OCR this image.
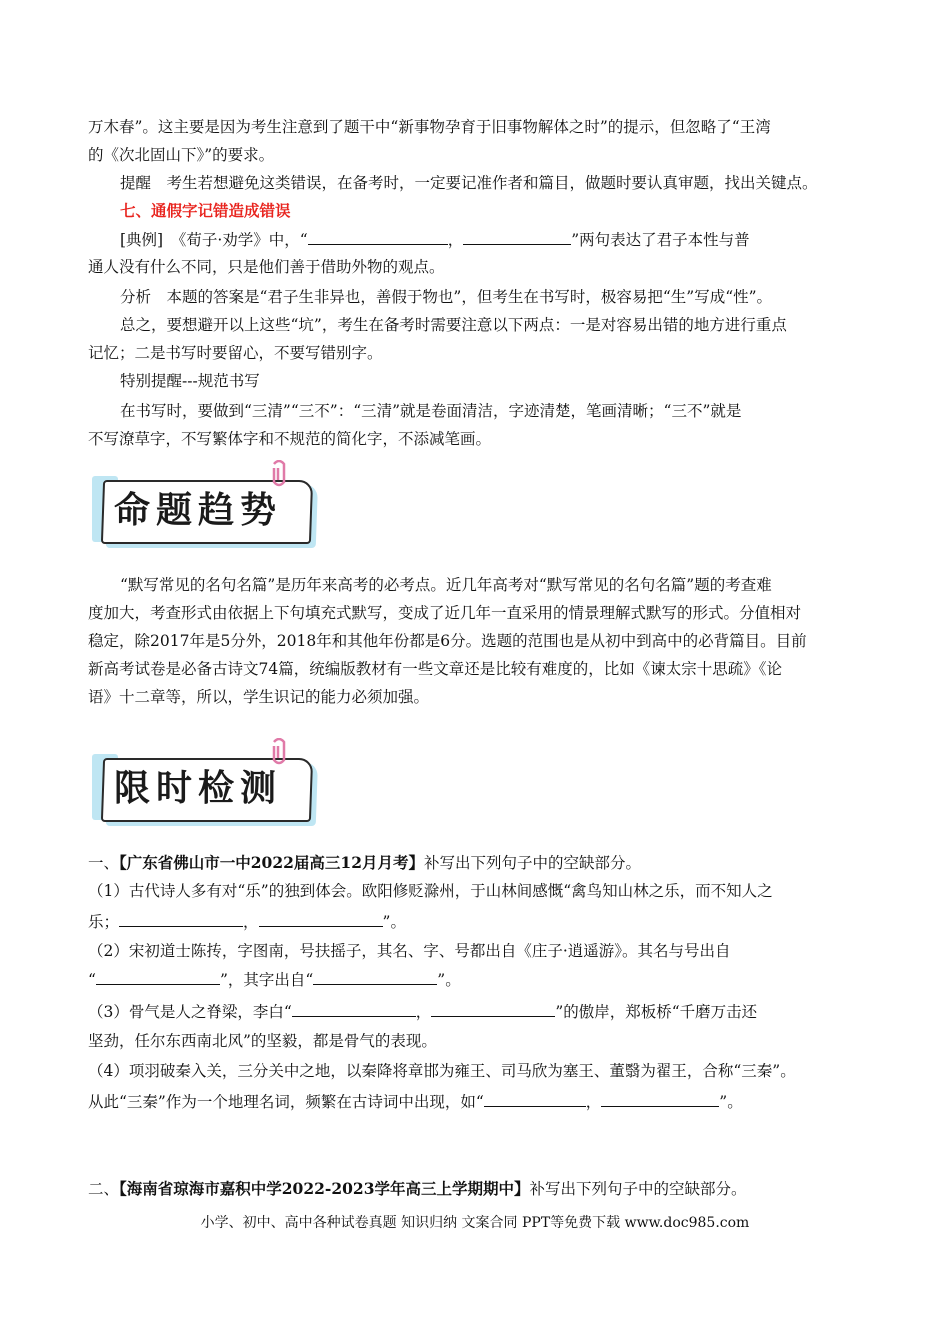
万木春”。这主要是因为考生注意到了题干中“新事物孕育于旧事物解体之时”的提示，但忽略了“王湾
的《次北固山下》”的要求。
提醒　考生若想避免这类错误，在备考时，一定要记准作者和篇目，做题时要认真审题，找出关键点。
七、通假字记错造成错误
[典例]　《荀子·劝学》中，“	，	”两句表达了君子本性与普
通人没有什么不同，只是他们善于借助外物的观点。
分析　本题的答案是“君子生非异也，善假于物也”，但考生在书写时，极容易把“生”写成“性”。
总之，要想避开以上这些“坑”，考生在备考时需要注意以下两点：一是对容易出错的地方进行重点
记忆；二是书写时要留心，不要写错别字。
特别提醒---规范书写
在书写时，要做到“三清”“三不”：“三清”就是卷面清洁，字迹清楚，笔画清晰；“三不”就是
不写潦草字，不写繁体字和不规范的简化字，不添减笔画。
命题趋势
“默写常见的名句名篇”是历年来高考的必考点。近几年高考对“默写常见的名句名篇”题的考查难
度加大，考查形式由依据上下句填充式默写，变成了近几年一直采用的情景理解式默写的形式。分值相对
稳定，除2017年是5分外，2018年和其他年份都是6分。选题的范围也是从初中到高中的必背篇目。目前
新高考试卷是必备古诗文74篇，统编版教材有一些文章还是比较有难度的，比如《谏太宗十思疏》《论
语》十二章等，所以，学生识记的能力必须加强。
限时检测
一、【广东省佛山市一中2022届高三12月月考】补写出下列句子中的空缺部分。
（1）古代诗人多有对“乐”的独到体会。欧阳修贬滁州，于山林间感慨“禽鸟知山林之乐，而不知人之
乐；	，	”。
（2）宋初道士陈抟，字图南，号扶摇子，其名、字、号都出自《庄子·逍遥游》。其名与号出自
“	”，其字出自“	”。
（3）骨气是人之脊梁，李白“	，	”的傲岸，郑板桥“千磨万击还
坚劲，任尔东西南北风”的坚毅，都是骨气的表现。
（4）项羽破秦入关，三分关中之地，以秦降将章邯为雍王、司马欣为塞王、董翳为翟王，合称“三秦”。
从此“三秦”作为一个地理名词，频繁在古诗词中出现，如“	，	”。
二、【海南省琼海市嘉积中学2022-2023学年高三上学期期中】补写出下列句子中的空缺部分。
小学、初中、高中各种试卷真题 知识归纳 文案合同 PPT等免费下载 www.doc985.com
